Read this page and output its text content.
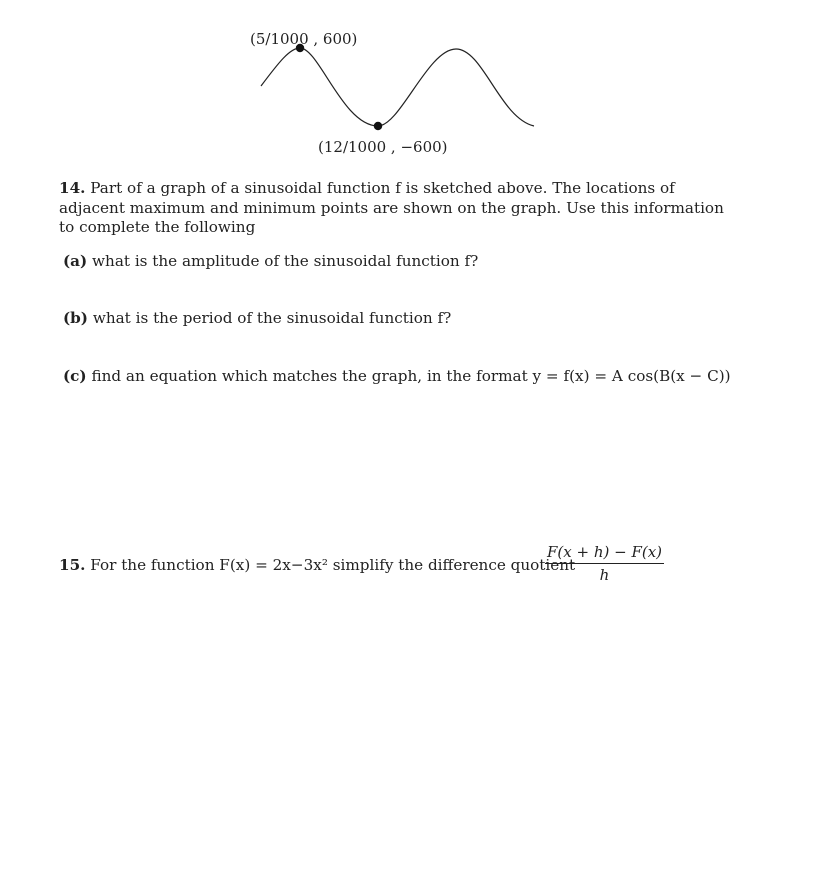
(5/1000 , 600)
(12/1000 , −600)
14. Part of a graph of a sinusoidal function f is sketched above. The locations of adjacent maximum and minimum points are shown on the graph. Use this information to complete the following
(a) what is the amplitude of the sinusoidal function f?
(b) what is the period of the sinusoidal function f?
(c) find an equation which matches the graph, in the format y = f(x) = A cos(B(x − C))
15. For the function F(x) = 2x−3x² simplify the difference quotient
$\frac{F(x + h) - F(x)}{h}$
